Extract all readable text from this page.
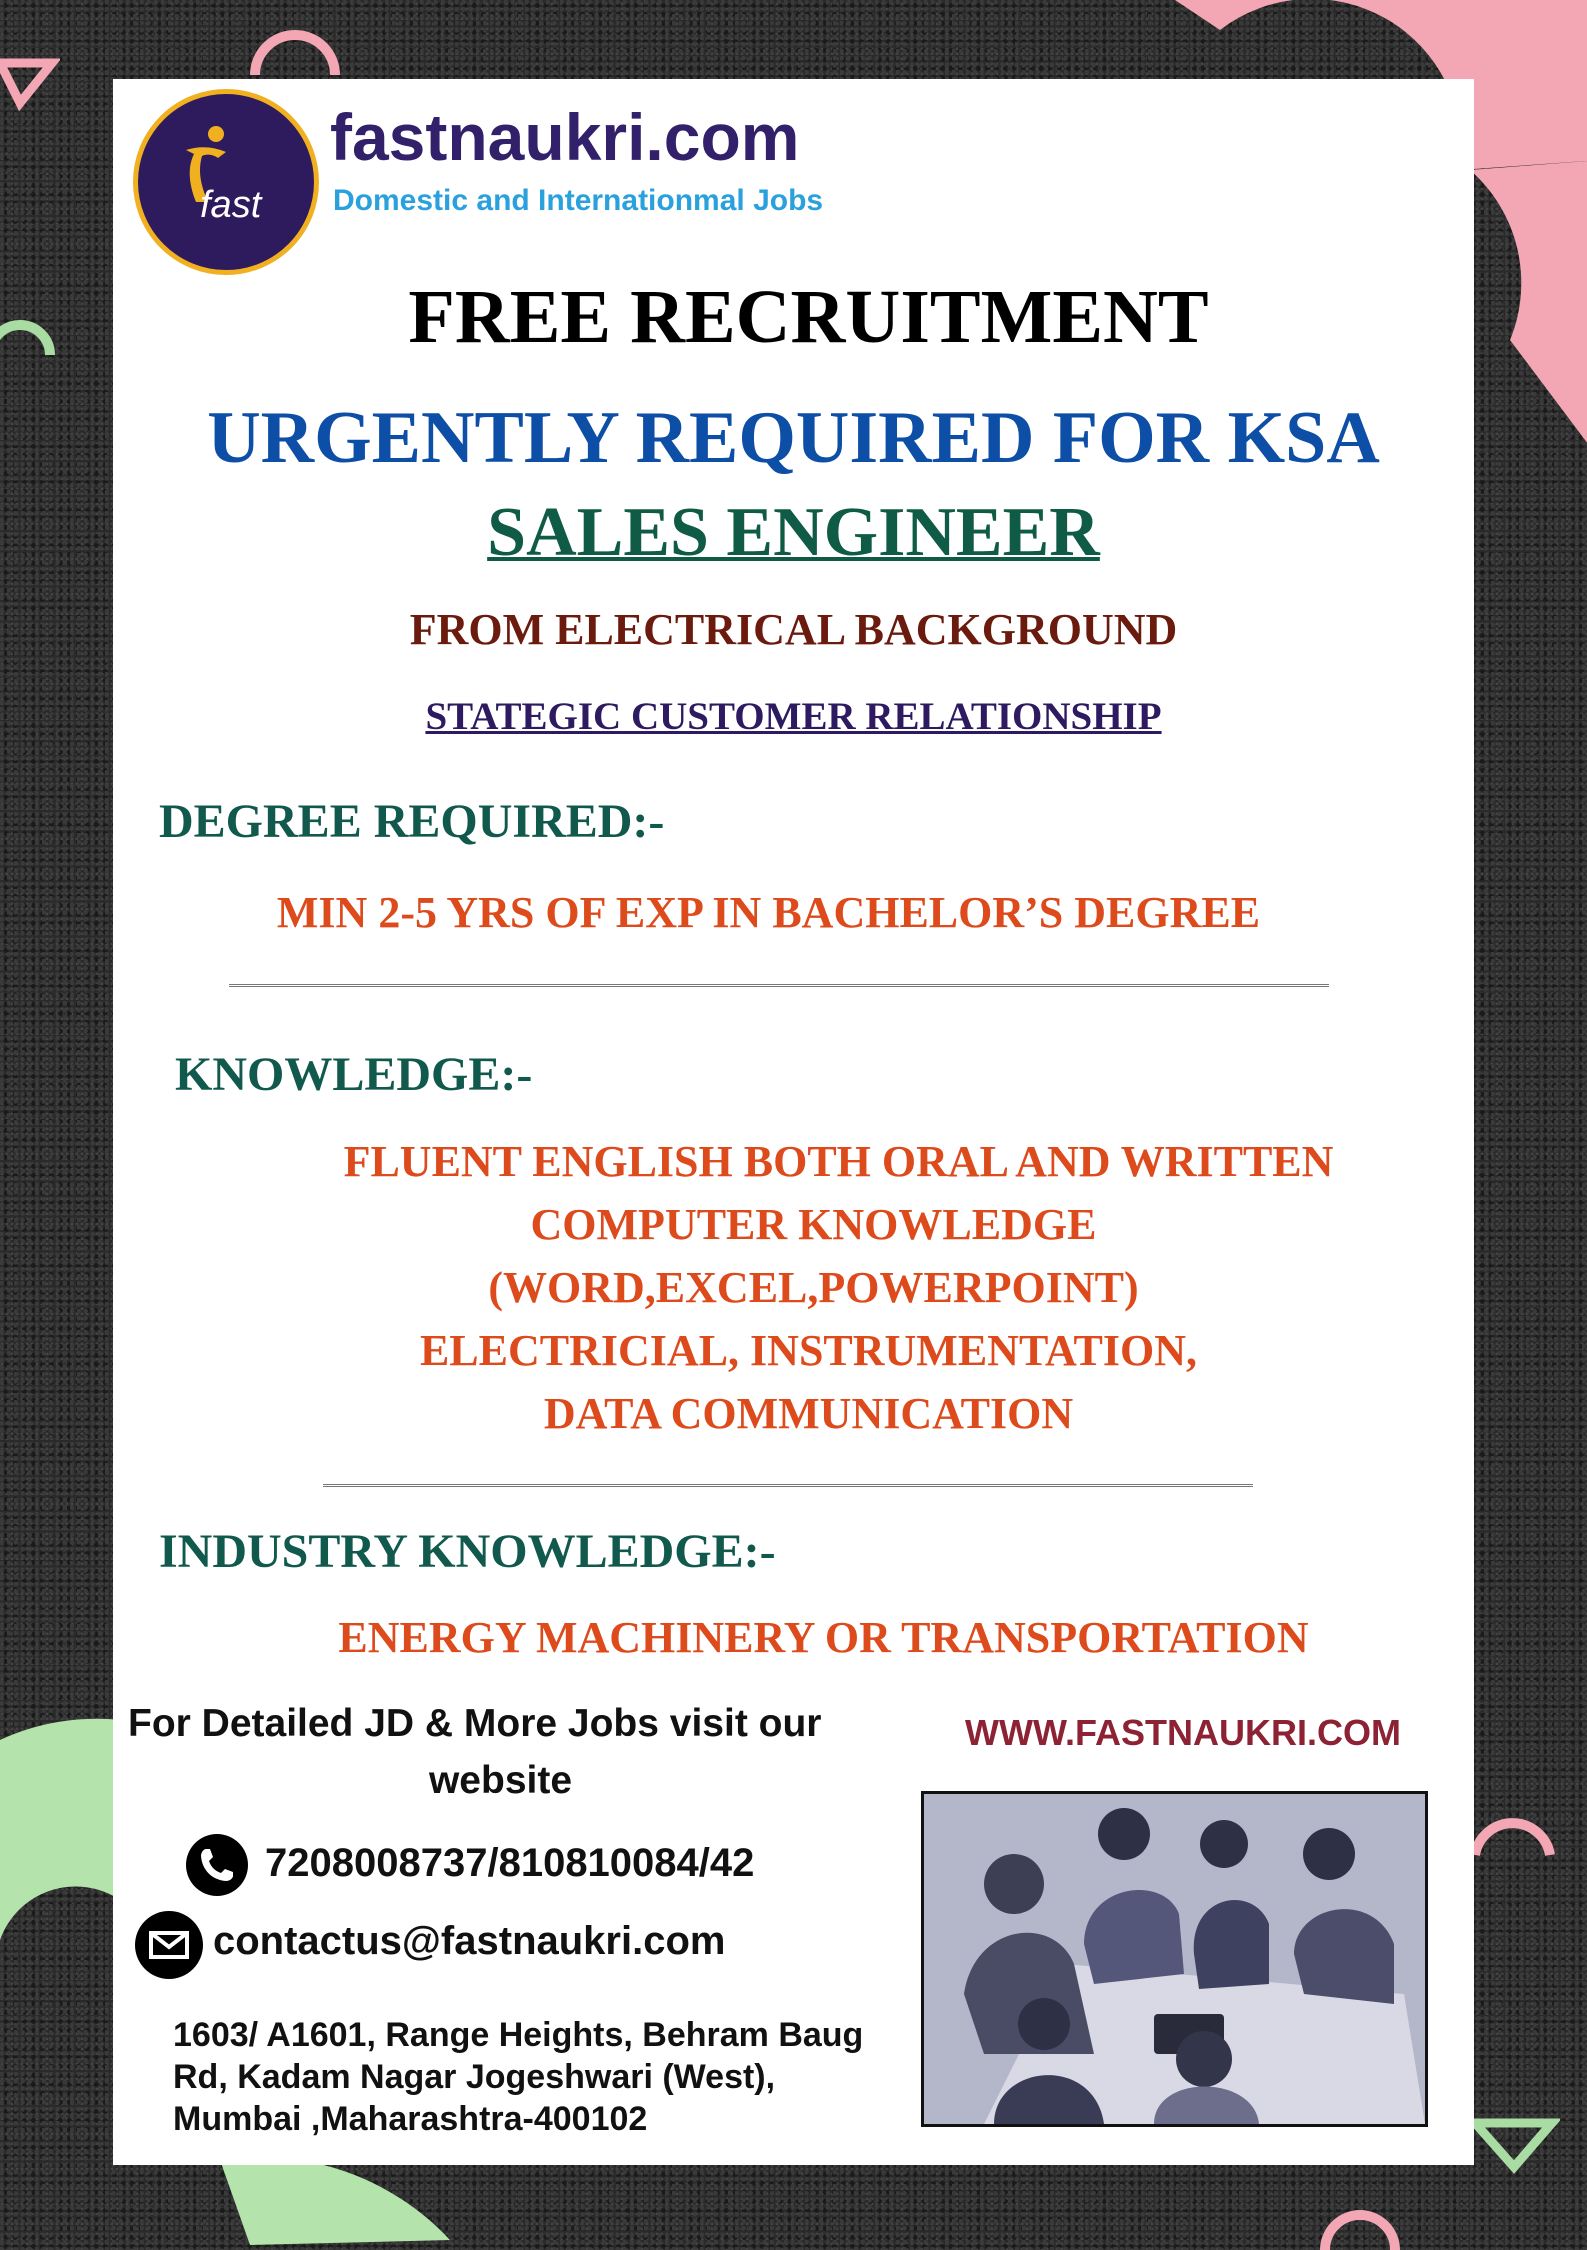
fast
fastnaukri.com
Domestic and Internationmal Jobs
FREE RECRUITMENT
URGENTLY REQUIRED FOR KSA
SALES ENGINEER
FROM ELECTRICAL BACKGROUND
STATEGIC CUSTOMER RELATIONSHIP
DEGREE REQUIRED:-
MIN 2-5 YRS OF EXP IN BACHELOR’S DEGREE
KNOWLEDGE:-
FLUENT ENGLISH BOTH ORAL AND WRITTEN
COMPUTER KNOWLEDGE
(WORD,EXCEL,POWERPOINT)
ELECTRICIAL, INSTRUMENTATION,
DATA COMMUNICATION
INDUSTRY KNOWLEDGE:-
ENERGY MACHINERY OR TRANSPORTATION
For Detailed JD & More Jobs visit our
website
WWW.FASTNAUKRI.COM
7208008737/810810084/42
contactus@fastnaukri.com
1603/ A1601, Range Heights, Behram Baug
Rd, Kadam Nagar Jogeshwari (West),
Mumbai ,Maharashtra-400102
